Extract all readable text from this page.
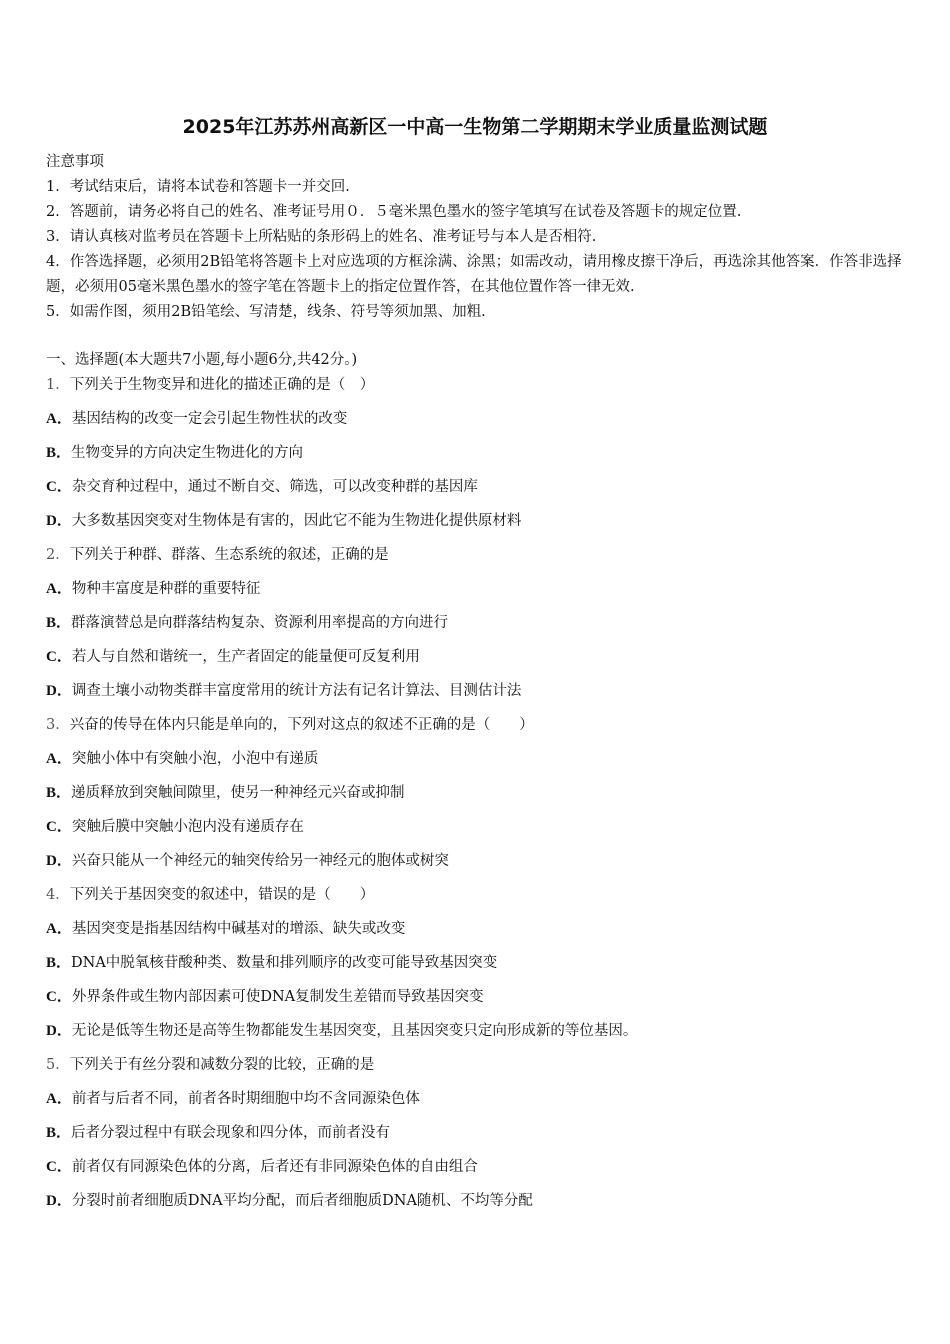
2025年江苏苏州高新区一中高一生物第二学期期末学业质量监测试题
注意事项
1．考试结束后，请将本试卷和答题卡一并交回.
2．答题前，请务必将自己的姓名、准考证号用０．５毫米黑色墨水的签字笔填写在试卷及答题卡的规定位置.
3．请认真核对监考员在答题卡上所粘贴的条形码上的姓名、准考证号与本人是否相符.
4．作答选择题，必须用2B铅笔将答题卡上对应选项的方框涂满、涂黑；如需改动，请用橡皮擦干净后，再选涂其他答案．作答非选择题，必须用05毫米黑色墨水的签字笔在答题卡上的指定位置作答，在其他位置作答一律无效.
5．如需作图，须用2B铅笔绘、写清楚，线条、符号等须加黑、加粗.
一、选择题(本大题共7小题,每小题6分,共42分。)
1．下列关于生物变异和进化的描述正确的是（　）
A．基因结构的改变一定会引起生物性状的改变
B．生物变异的方向决定生物进化的方向
C．杂交育种过程中，通过不断自交、筛选，可以改变种群的基因库
D．大多数基因突变对生物体是有害的，因此它不能为生物进化提供原材料
2．下列关于种群、群落、生态系统的叙述，正确的是
A．物种丰富度是种群的重要特征
B．群落演替总是向群落结构复杂、资源利用率提高的方向进行
C．若人与自然和谐统一，生产者固定的能量便可反复利用
D．调查土壤小动物类群丰富度常用的统计方法有记名计算法、目测估计法
3．兴奋的传导在体内只能是单向的，下列对这点的叙述不正确的是（　　）
A．突触小体中有突触小泡，小泡中有递质
B．递质释放到突触间隙里，使另一种神经元兴奋或抑制
C．突触后膜中突触小泡内没有递质存在
D．兴奋只能从一个神经元的轴突传给另一神经元的胞体或树突
4．下列关于基因突变的叙述中，错误的是（　　）
A．基因突变是指基因结构中碱基对的增添、缺失或改变
B．DNA中脱氧核苷酸种类、数量和排列顺序的改变可能导致基因突变
C．外界条件或生物内部因素可使DNA复制发生差错而导致基因突变
D．无论是低等生物还是高等生物都能发生基因突变，且基因突变只定向形成新的等位基因。
5．下列关于有丝分裂和减数分裂的比较，正确的是
A．前者与后者不同，前者各时期细胞中均不含同源染色体
B．后者分裂过程中有联会现象和四分体，而前者没有
C．前者仅有同源染色体的分离，后者还有非同源染色体的自由组合
D．分裂时前者细胞质DNA平均分配，而后者细胞质DNA随机、不均等分配
